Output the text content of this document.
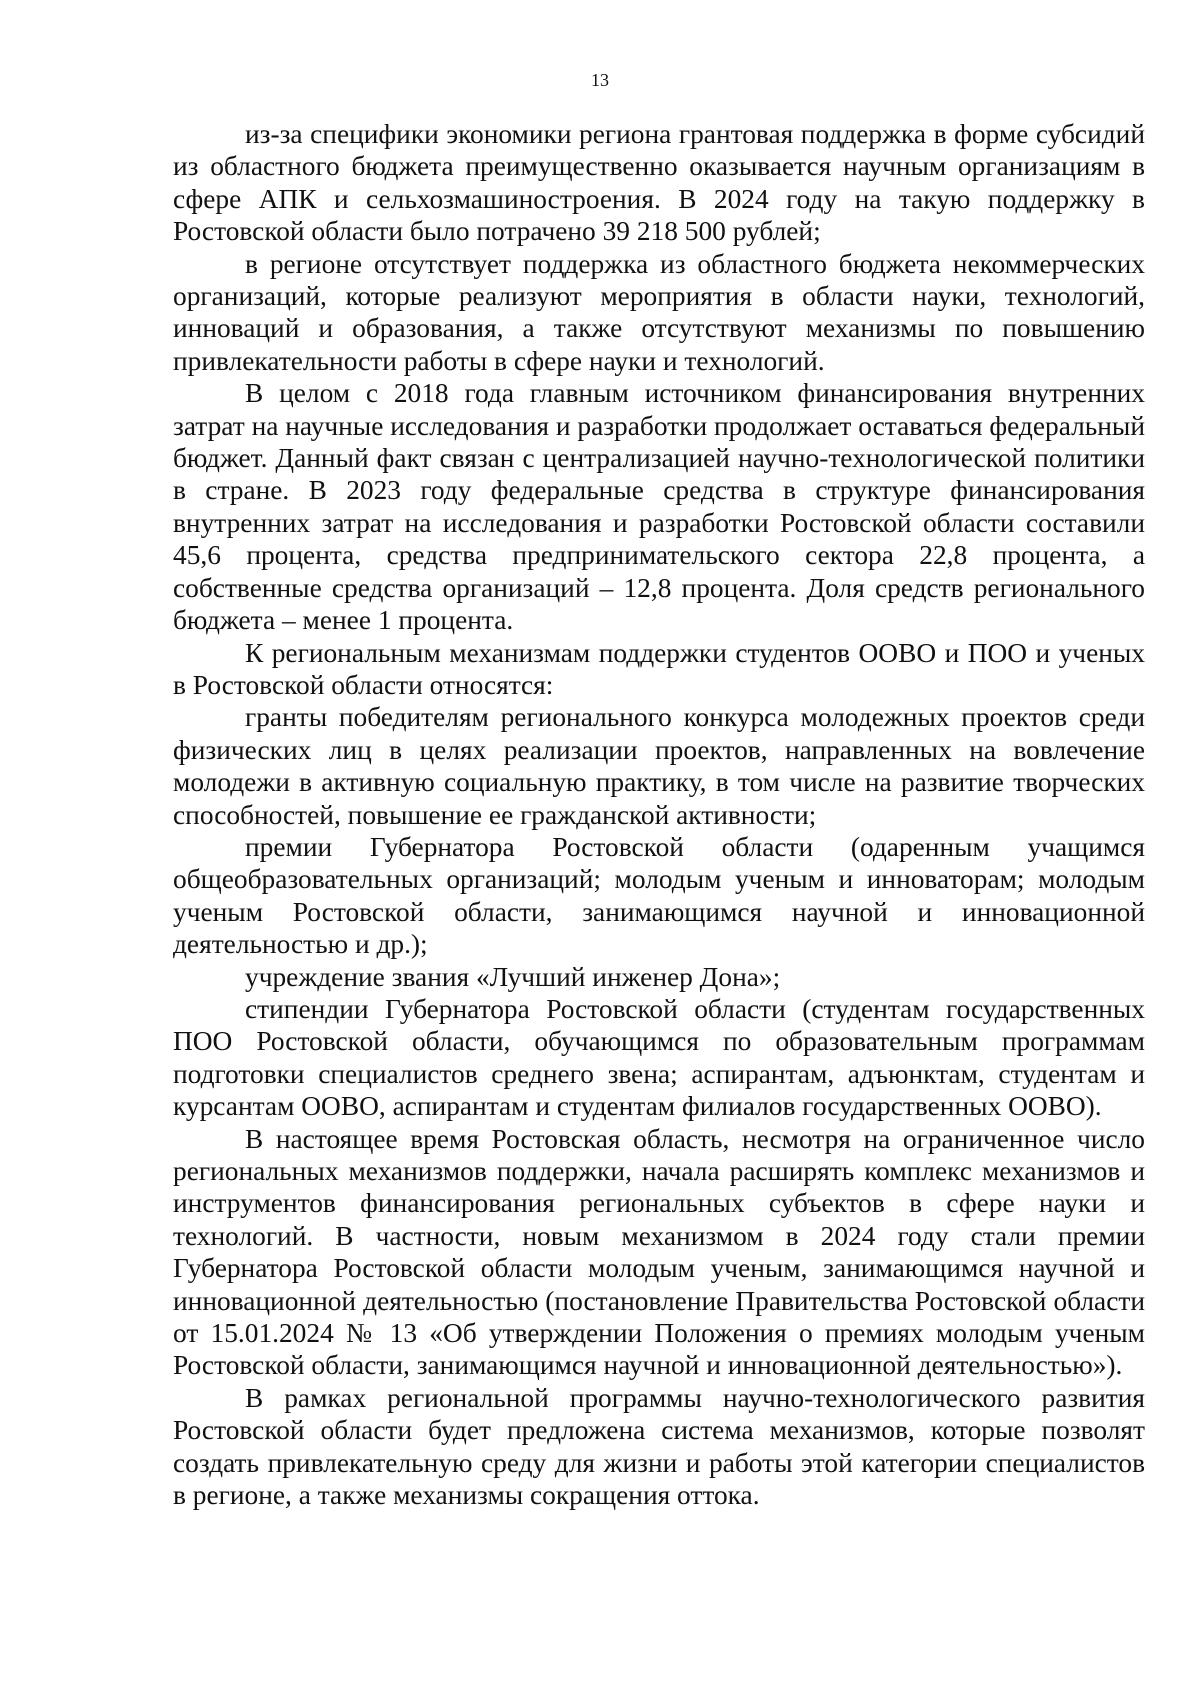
13

из-за специфики экономики региона грантовая поддержка в форме субсидий из областного бюджета преимущественно оказывается научным организациям в сфере АПК и сельхозмашиностроения. В 2024 году на такую поддержку в Ростовской области было потрачено 39 218 500 рублей;

в регионе отсутствует поддержка из областного бюджета некоммерческих организаций, которые реализуют мероприятия в области науки, технологий, инноваций и образования, а также отсутствуют механизмы по повышению привлекательности работы в сфере науки и технологий.

В целом с 2018 года главным источником финансирования внутренних затрат на научные исследования и разработки продолжает оставаться федеральный бюджет. Данный факт связан с централизацией научно-технологической политики в стране. В 2023 году федеральные средства в структуре финансирования внутренних затрат на исследования и разработки Ростовской области составили 45,6 процента, средства предпринимательского сектора 22,8 процента, а собственные средства организаций – 12,8 процента. Доля средств регионального бюджета – менее 1 процента.

К региональным механизмам поддержки студентов ООВО и ПОО и ученых в Ростовской области относятся:

гранты победителям регионального конкурса молодежных проектов среди физических лиц в целях реализации проектов, направленных на вовлечение молодежи в активную социальную практику, в том числе на развитие творческих способностей, повышение ее гражданской активности;

премии Губернатора Ростовской области (одаренным учащимся общеобразовательных организаций; молодым ученым и инноваторам; молодым ученым Ростовской области, занимающимся научной и инновационной деятельностью и др.);

учреждение звания «Лучший инженер Дона»;

стипендии Губернатора Ростовской области (студентам государственных ПОО Ростовской области, обучающимся по образовательным программам подготовки специалистов среднего звена; аспирантам, адъюнктам, студентам и курсантам ООВО, аспирантам и студентам филиалов государственных ООВО).

В настоящее время Ростовская область, несмотря на ограниченное число региональных механизмов поддержки, начала расширять комплекс механизмов и инструментов финансирования региональных субъектов в сфере науки и технологий. В частности, новым механизмом в 2024 году стали премии Губернатора Ростовской области молодым ученым, занимающимся научной и инновационной деятельностью (постановление Правительства Ростовской области от 15.01.2024 № 13 «Об утверждении Положения о премиях молодым ученым Ростовской области, занимающимся научной и инновационной деятельностью»).

В рамках региональной программы научно-технологического развития Ростовской области будет предложена система механизмов, которые позволят создать привлекательную среду для жизни и работы этой категории специалистов в регионе, а также механизмы сокращения оттока.
